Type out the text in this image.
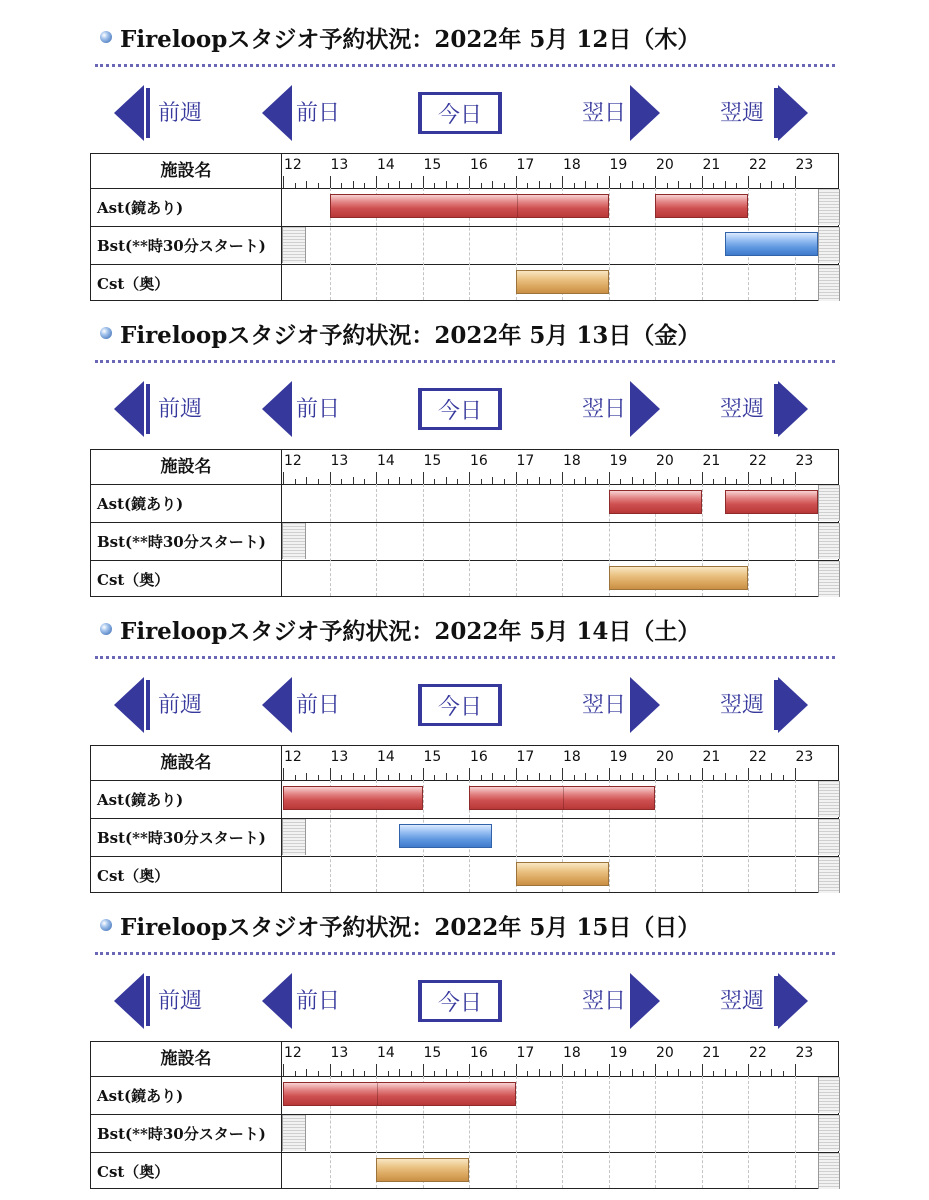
Fireloopスタジオ予約状況：2022年 5月 12日（木）
前週	前日	今日	翌日	翌週
施設名	12 13 14 15 16 17 18 19 20 21 22 23
Ast(鏡あり)
Bst(**時30分スタート)
Cst（奥）
Fireloopスタジオ予約状況：2022年 5月 13日（金）
前週	前日	今日	翌日	翌週
施設名	12 13 14 15 16 17 18 19 20 21 22 23
Ast(鏡あり)
Bst(**時30分スタート)
Cst（奥）
Fireloopスタジオ予約状況：2022年 5月 14日（土）
前週	前日	今日	翌日	翌週
施設名	12 13 14 15 16 17 18 19 20 21 22 23
Ast(鏡あり)
Bst(**時30分スタート)
Cst（奥）
Fireloopスタジオ予約状況：2022年 5月 15日（日）
前週	前日	今日	翌日	翌週
施設名	12 13 14 15 16 17 18 19 20 21 22 23
Ast(鏡あり)
Bst(**時30分スタート)
Cst（奥）
